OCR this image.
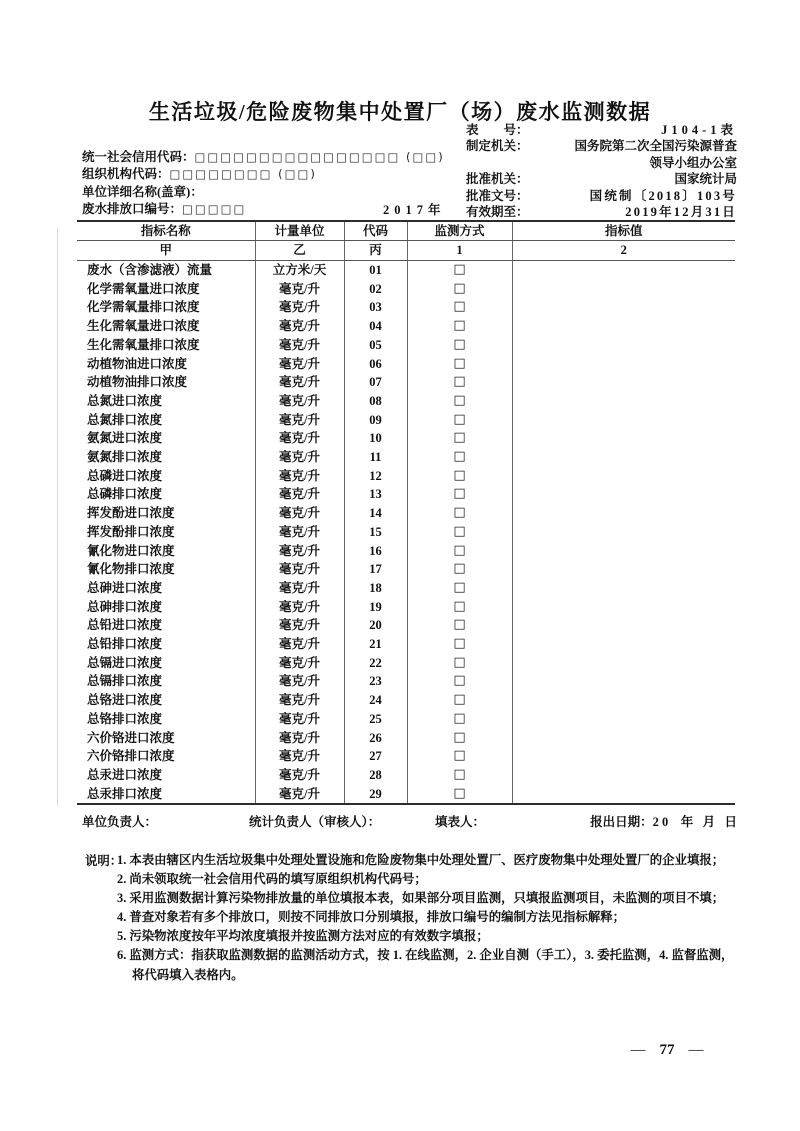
生活垃圾/危险废物集中处置厂（场）废水监测数据
表　　号：	J104-1表
制定机关：	国务院第二次全国污染源普查
领导小组办公室
批准机关：	国家统计局
批准文号：	国统制〔2018〕103号
有效期至：	2019年12月31日
统一社会信用代码：□□□□□□□□□□□□□□□□ (□□)
组织机构代码：□□□□□□□□ (□□)
单位详细名称(盖章)：
废水排放口编号：□□□□□	2017年
指标名称	计量单位	代码	监测方式	指标值
甲	乙	丙	1	2
废水（含渗滤液）流量	立方米/天	01	□	
化学需氧量进口浓度	毫克/升	02	□	
化学需氧量排口浓度	毫克/升	03	□	
生化需氧量进口浓度	毫克/升	04	□	
生化需氧量排口浓度	毫克/升	05	□	
动植物油进口浓度	毫克/升	06	□	
动植物油排口浓度	毫克/升	07	□	
总氮进口浓度	毫克/升	08	□	
总氮排口浓度	毫克/升	09	□	
氨氮进口浓度	毫克/升	10	□	
氨氮排口浓度	毫克/升	11	□	
总磷进口浓度	毫克/升	12	□	
总磷排口浓度	毫克/升	13	□	
挥发酚进口浓度	毫克/升	14	□	
挥发酚排口浓度	毫克/升	15	□	
氰化物进口浓度	毫克/升	16	□	
氰化物排口浓度	毫克/升	17	□	
总砷进口浓度	毫克/升	18	□	
总砷排口浓度	毫克/升	19	□	
总铅进口浓度	毫克/升	20	□	
总铅排口浓度	毫克/升	21	□	
总镉进口浓度	毫克/升	22	□	
总镉排口浓度	毫克/升	23	□	
总铬进口浓度	毫克/升	24	□	
总铬排口浓度	毫克/升	25	□	
六价铬进口浓度	毫克/升	26	□	
六价铬排口浓度	毫克/升	27	□	
总汞进口浓度	毫克/升	28	□	
总汞排口浓度	毫克/升	29	□	
单位负责人：	统计负责人（审核人）：	填表人：	报出日期：2 0    年   月   日
说明：
1. 本表由辖区内生活垃圾集中处理处置设施和危险废物集中处理处置厂、医疗废物集中处理处置厂的企业填报；
2. 尚未领取统一社会信用代码的填写原组织机构代码号；
3. 采用监测数据计算污染物排放量的单位填报本表，如果部分项目监测，只填报监测项目，未监测的项目不填；
4. 普查对象若有多个排放口，则按不同排放口分别填报，排放口编号的编制方法见指标解释；
5. 污染物浓度按年平均浓度填报并按监测方法对应的有效数字填报；
6. 监测方式：指获取监测数据的监测活动方式，按 1. 在线监测，2. 企业自测（手工），3. 委托监测，4. 监督监测，将代码填入表格内。
— 77 —
